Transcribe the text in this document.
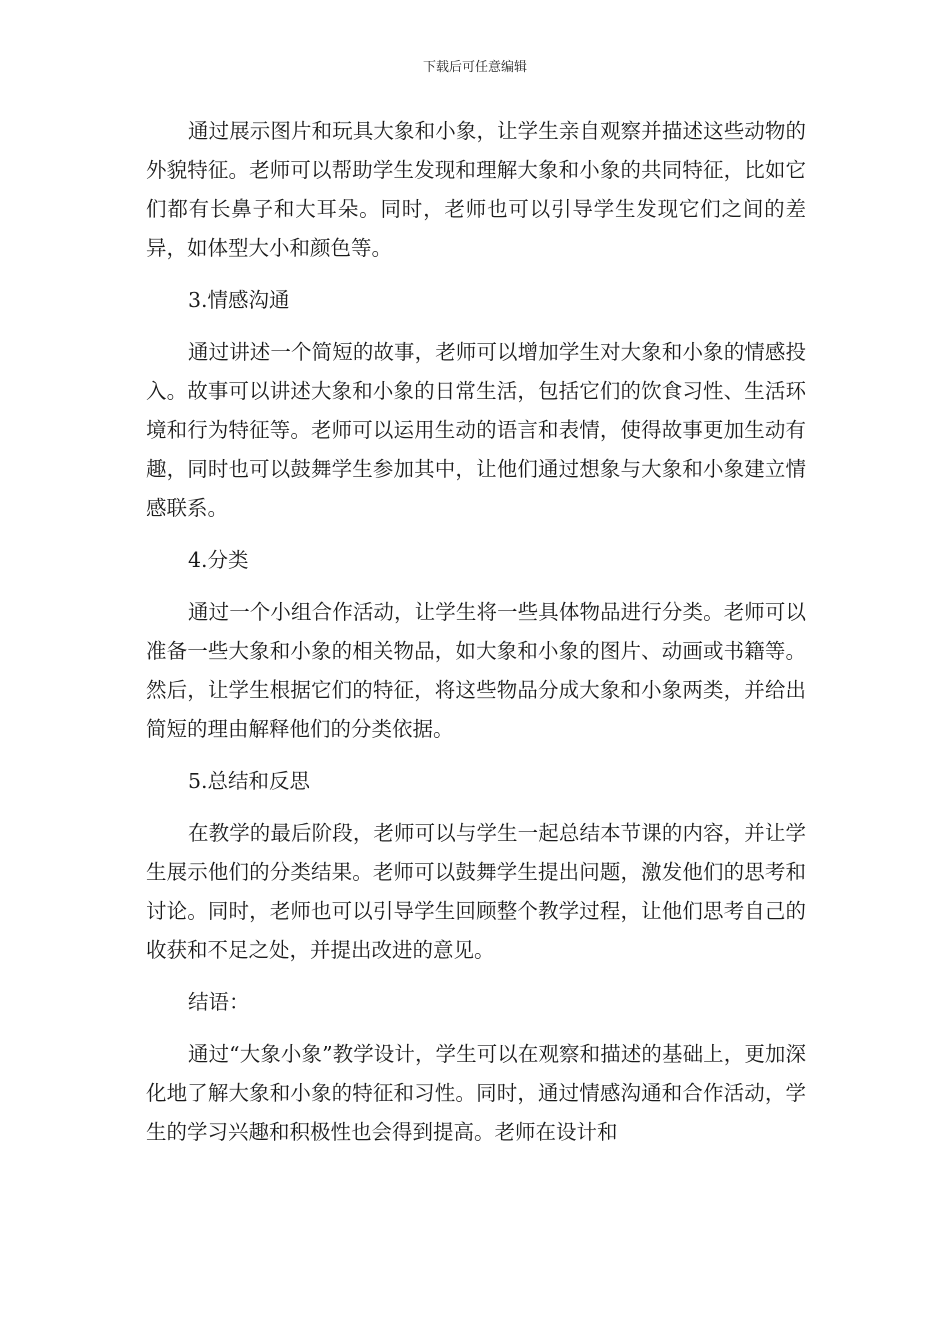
下载后可任意编辑

通过展示图片和玩具大象和小象，让学生亲自观察并描述这些动物的外貌特征。老师可以帮助学生发现和理解大象和小象的共同特征，比如它们都有长鼻子和大耳朵。同时，老师也可以引导学生发现它们之间的差异，如体型大小和颜色等。

3.情感沟通

通过讲述一个简短的故事，老师可以增加学生对大象和小象的情感投入。故事可以讲述大象和小象的日常生活，包括它们的饮食习性、生活环境和行为特征等。老师可以运用生动的语言和表情，使得故事更加生动有趣，同时也可以鼓舞学生参加其中，让他们通过想象与大象和小象建立情感联系。

4.分类

通过一个小组合作活动，让学生将一些具体物品进行分类。老师可以准备一些大象和小象的相关物品，如大象和小象的图片、动画或书籍等。然后，让学生根据它们的特征，将这些物品分成大象和小象两类，并给出简短的理由解释他们的分类依据。

5.总结和反思

在教学的最后阶段，老师可以与学生一起总结本节课的内容，并让学生展示他们的分类结果。老师可以鼓舞学生提出问题，激发他们的思考和讨论。同时，老师也可以引导学生回顾整个教学过程，让他们思考自己的收获和不足之处，并提出改进的意见。

结语：

通过“大象小象”教学设计，学生可以在观察和描述的基础上，更加深化地了解大象和小象的特征和习性。同时，通过情感沟通和合作活动，学生的学习兴趣和积极性也会得到提高。老师在设计和
